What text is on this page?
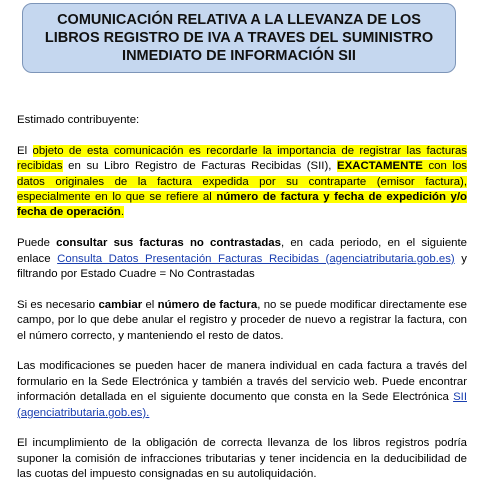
COMUNICACIÓN RELATIVA A LA LLEVANZA DE LOS LIBROS REGISTRO DE IVA A TRAVES DEL SUMINISTRO INMEDIATO DE INFORMACIÓN SII

Estimado contribuyente:

El objeto de esta comunicación es recordarle la importancia de registrar las facturas recibidas en su Libro Registro de Facturas Recibidas (SII), EXACTAMENTE con los datos originales de la factura expedida por su contraparte (emisor factura), especialmente en lo que se refiere al número de factura y fecha de expedición y/o fecha de operación.

Puede consultar sus facturas no contrastadas, en cada periodo, en el siguiente enlace Consulta Datos Presentación Facturas Recibidas (agenciatributaria.gob.es) y filtrando por Estado Cuadre = No Contrastadas

Si es necesario cambiar el número de factura, no se puede modificar directamente ese campo, por lo que debe anular el registro y proceder de nuevo a registrar la factura, con el número correcto, y manteniendo el resto de datos.

Las modificaciones se pueden hacer de manera individual en cada factura a través del formulario en la Sede Electrónica y también a través del servicio web. Puede encontrar información detallada en el siguiente documento que consta en la Sede Electrónica SII (agenciatributaria.gob.es).

El incumplimiento de la obligación de correcta llevanza de los libros registros podría suponer la comisión de infracciones tributarias y tener incidencia en la deducibilidad de las cuotas del impuesto consignadas en su autoliquidación.
